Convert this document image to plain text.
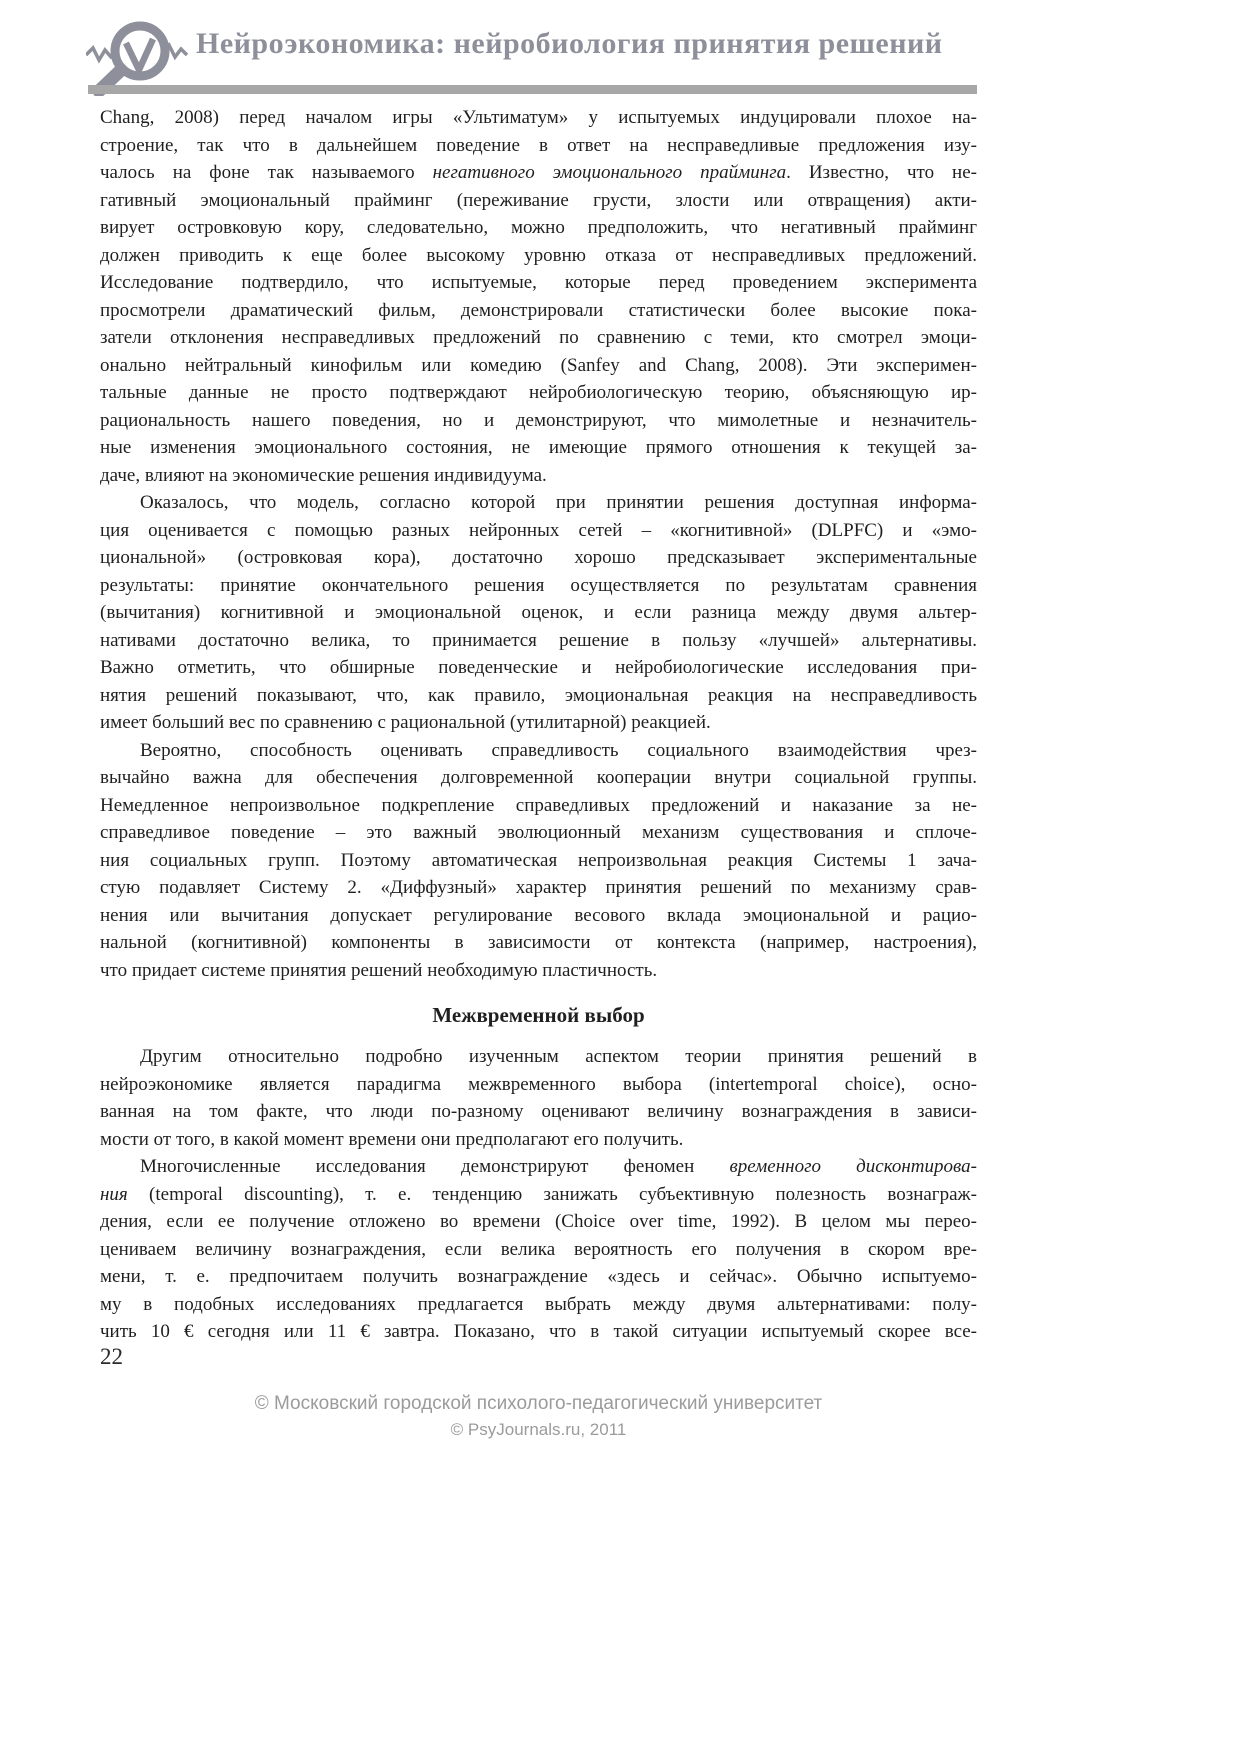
Нейроэкономика: нейробиология принятия решений
Chang, 2008) перед началом игры «Ультиматум» у испытуемых индуцировали плохое на-
строение, так что в дальнейшем поведение в ответ на несправедливые предложения изу-
чалось на фоне так называемого негативного эмоционального прайминга. Известно, что не-
гативный эмоциональный прайминг (переживание грусти, злости или отвращения) акти-
вирует островковую кору, следовательно, можно предположить, что негативный прайминг
должен приводить к еще более высокому уровню отказа от несправедливых предложений.
Исследование подтвердило, что испытуемые, которые перед проведением эксперимента
просмотрели драматический фильм, демонстрировали статистически более высокие пока-
затели отклонения несправедливых предложений по сравнению с теми, кто смотрел эмоци-
онально нейтральный кинофильм или комедию (Sanfey and Chang, 2008). Эти эксперимен-
тальные данные не просто подтверждают нейробиологическую теорию, объясняющую ир-
рациональность нашего поведения, но и демонстрируют, что мимолетные и незначитель-
ные изменения эмоционального состояния, не имеющие прямого отношения к текущей за-
даче, влияют на экономические решения индивидуума.
Оказалось, что модель, согласно которой при принятии решения доступная информа-
ция оценивается с помощью разных нейронных сетей – «когнитивной» (DLPFC) и «эмо-
циональной» (островковая кора), достаточно хорошо предсказывает экспериментальные
результаты: принятие окончательного решения осуществляется по результатам сравнения
(вычитания) когнитивной и эмоциональной оценок, и если разница между двумя альтер-
нативами достаточно велика, то принимается решение в пользу «лучшей» альтернативы.
Важно отметить, что обширные поведенческие и нейробиологические исследования при-
нятия решений показывают, что, как правило, эмоциональная реакция на несправедливость
имеет больший вес по сравнению с рациональной (утилитарной) реакцией.
Вероятно, способность оценивать справедливость социального взаимодействия чрез-
вычайно важна для обеспечения долговременной кооперации внутри социальной группы.
Немедленное непроизвольное подкрепление справедливых предложений и наказание за не-
справедливое поведение – это важный эволюционный механизм существования и сплоче-
ния социальных групп. Поэтому автоматическая непроизвольная реакция Системы 1 зача-
стую подавляет Систему 2. «Диффузный» характер принятия решений по механизму срав-
нения или вычитания допускает регулирование весового вклада эмоциональной и рацио-
нальной (когнитивной) компоненты в зависимости от контекста (например, настроения),
что придает системе принятия решений необходимую пластичность.
Межвременной выбор
Другим относительно подробно изученным аспектом теории принятия решений в
нейроэкономике является парадигма межвременного выбора (intertemporal choice), осно-
ванная на том факте, что люди по-разному оценивают величину вознаграждения в зависи-
мости от того, в какой момент времени они предполагают его получить.
Многочисленные исследования демонстрируют феномен временного дисконтирова-
ния (temporal discounting), т. е. тенденцию занижать субъективную полезность вознаграж-
дения, если ее получение отложено во времени (Choice over time, 1992). В целом мы перео-
цениваем величину вознаграждения, если велика вероятность его получения в скором вре-
мени, т. е. предпочитаем получить вознаграждение «здесь и сейчас». Обычно испытуемо-
му в подобных исследованиях предлагается выбрать между двумя альтернативами: полу-
чить 10 € сегодня или 11 € завтра. Показано, что в такой ситуации испытуемый скорее все-
22
© Московский городской психолого-педагогический университет
© PsyJournals.ru, 2011
